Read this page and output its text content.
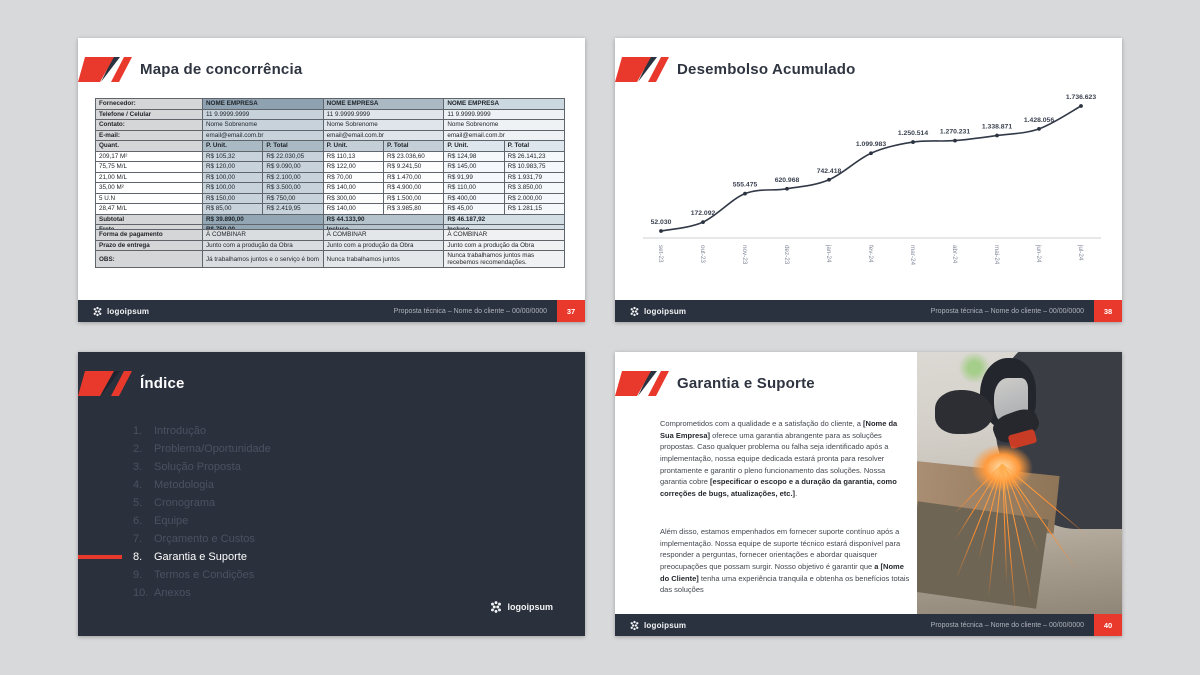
Mapa de concorrência
Fornecedor:	NOME EMPRESA	NOME EMPRESA	NOME EMPRESA
Telefone / Celular	11 9.9999.9999	11 9.9999.9999	11 9.9999.9999
Contato:	Nome Sobrenome	Nome Sobrenome	Nome Sobrenome
E-mail:	email@email.com.br	email@email.com.br	email@email.com.br
Quant.	P. Unit.	P. Total	P. Unit.	P. Total	P. Unit.	P. Total
209,17 M²	R$ 105,32	R$ 22.030,05	R$ 110,13	R$ 23.036,60	R$ 124,98	R$ 26.141,23
75,75 M/L	R$ 120,00	R$ 9.090,00	R$ 122,00	R$ 9.241,50	R$ 145,00	R$ 10.983,75
21,00 M/L	R$ 100,00	R$ 2.100,00	R$ 70,00	R$ 1.470,00	R$ 91,99	R$ 1.931,79
35,00 M²	R$ 100,00	R$ 3.500,00	R$ 140,00	R$ 4.900,00	R$ 110,00	R$ 3.850,00
5 U.N	R$ 150,00	R$ 750,00	R$ 300,00	R$ 1.500,00	R$ 400,00	R$ 2.000,00
28,47 M/L	R$ 85,00	R$ 2.419,95	R$ 140,00	R$ 3.985,80	R$ 45,00	R$ 1.281,15
Subtotal	R$ 39.890,00		R$ 44.133,90		R$ 46.187,92	

Forma de pagamento	À COMBINAR	À COMBINAR	À COMBINAR
Prazo de entrega	Junto com a produção da Obra	Junto com a produção da Obra	Junto com a produção da Obra
OBS:	Já trabalhamos juntos e o serviço é bom	Nunca trabalhamos juntos	Nunca trabalhamos juntos mas recebemos recomendações.
logoipsum	Proposta técnica – Nome do cliente – 00/00/0000	37
Desembolso Acumulado
52.030
set-23
172.092
out-23
555.475
nov-23
620.968
dez-23
742.418
jan-24
1.099.983
fev-24
1.250.514
mar-24
1.270.231
abr-24
1.338.871
mai-24
1.428.056
jun-24
1.736.623
jul-24
logoipsum	Proposta técnica – Nome do cliente – 00/00/0000	38
Índice
1.	Introdução
2.	Problema/Oportunidade
3.	Solução Proposta
4.	Metodologia
5.	Cronograma
6.	Equipe
7.	Orçamento e Custos
8.	Garantia e Suporte
9.	Termos e Condições
10. Anexos
logoipsum
Garantia e Suporte
Comprometidos com a qualidade e a satisfação do cliente, a [Nome da Sua Empresa] oferece uma garantia abrangente para as soluções propostas. Caso qualquer problema ou falha seja identificado após a implementação, nossa equipe dedicada estará pronta para resolver prontamente e garantir o pleno funcionamento das soluções. Nossa garantia cobre [especificar o escopo e a duração da garantia, como correções de bugs, atualizações, etc.].
Além disso, estamos empenhados em fornecer suporte contínuo após a implementação. Nossa equipe de suporte técnico estará disponível para responder a perguntas, fornecer orientações e abordar quaisquer preocupações que possam surgir. Nosso objetivo é garantir que a [Nome do Cliente] tenha uma experiência tranquila e obtenha os benefícios totais das soluções
logoipsum	Proposta técnica – Nome do cliente – 00/00/0000	40
